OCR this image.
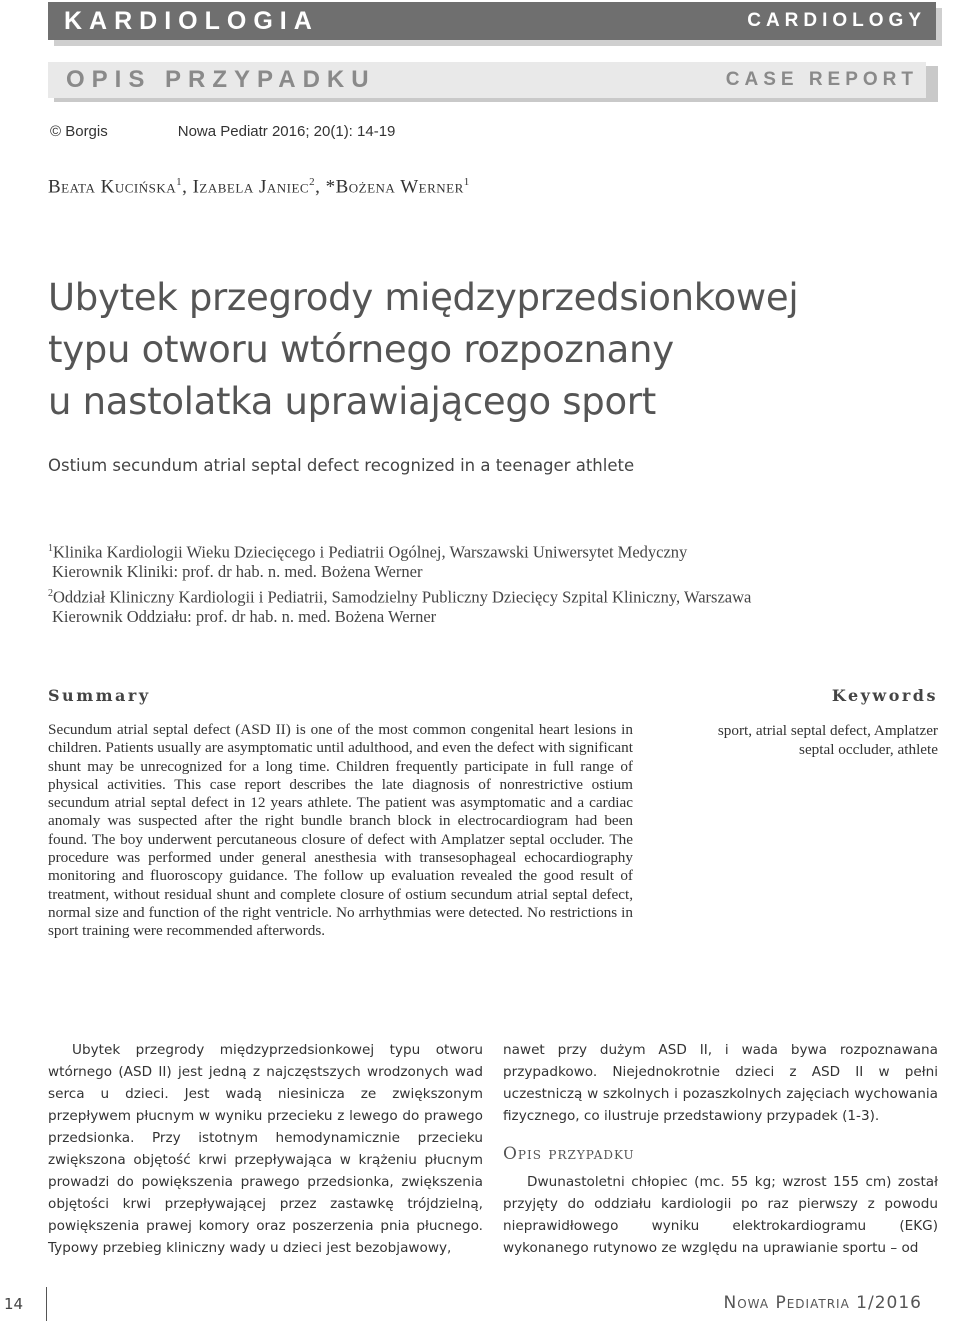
KARDIOLOGIA	CARDIOLOGY
OPIS PRZYPADKU	CASE REPORT
© Borgis	Nowa Pediatr 2016; 20(1): 14-19
Beata Kucińska$^1$, Izabela Janiec$^2$, *Bożena Werner$^1$
Ubytek przegrody międzyprzedsionkowej
typu otworu wtórnego rozpoznany
u nastolatka uprawiającego sport
Ostium secundum atrial septal defect recognized in a teenager athlete
$^1$Klinika Kardiologii Wieku Dziecięcego i Pediatrii Ogólnej, Warszawski Uniwersytet Medyczny
Kierownik Kliniki: prof. dr hab. n. med. Bożena Werner
$^2$Oddział Kliniczny Kardiologii i Pediatrii, Samodzielny Publiczny Dziecięcy Szpital Kliniczny, Warszawa
Kierownik Oddziału: prof. dr hab. n. med. Bożena Werner
Summary	Keywords
Secundum atrial septal defect (ASD II) is one of the most common congenital heart lesions in children. Patients usually are asymptomatic until adulthood, and even the defect with significant shunt may be unrecognized for a long time. Children frequently participate in full range of physical activities. This case report describes the late diagnosis of nonrestrictive ostium secundum atrial septal defect in 12 years athlete. The patient was asymptomatic and a cardiac anomaly was suspected after the right bundle branch block in electrocardiogram had been found. The boy underwent percutaneous closure of defect with Amplatzer septal occluder. The procedure was performed under general anesthesia with transesophageal echocardiography monitoring and fluoroscopy guidance. The follow up evaluation revealed the good result of treatment, without residual shunt and complete closure of ostium secundum atrial septal defect, normal size and function of the right ventricle. No arrhythmias were detected. No restrictions in sport training were recommended afterwords.
sport, atrial septal defect, Amplatzer
septal occluder, athlete

Ubytek przegrody międzyprzedsionkowej typu otworu wtórnego (ASD II) jest jedną z najczęstszych wrodzonych wad serca u dzieci. Jest wadą niesinicza ze zwiększonym przepływem płucnym w wyniku przecieku z lewego do prawego przedsionka. Przy istotnym hemodynamicznie przecieku zwiększona objętość krwi przepływająca w krążeniu płucnym prowadzi do powiększenia prawego przedsionka, zwiększenia objętości krwi przepływającej przez zastawkę trójdzielną, powiększenia prawej komory oraz poszerzenia pnia płucnego. Typowy przebieg kliniczny wady u dzieci jest bezobjawowy,

nawet przy dużym ASD II, i wada bywa rozpoznawana przypadkowo. Niejednokrotnie dzieci z ASD II w pełni uczestniczą w szkolnych i pozaszkolnych zajęciach wychowania fizycznego, co ilustruje przedstawiony przypadek (1-3).

Opis przypadku

Dwunastoletni chłopiec (mc. 55 kg; wzrost 155 cm) został przyjęty do oddziału kardiologii po raz pierwszy z powodu nieprawidłowego wyniku elektrokardiogramu (EKG) wykonanego rutynowo ze względu na uprawianie sportu – od

14	Nowa Pediatria 1/2016
